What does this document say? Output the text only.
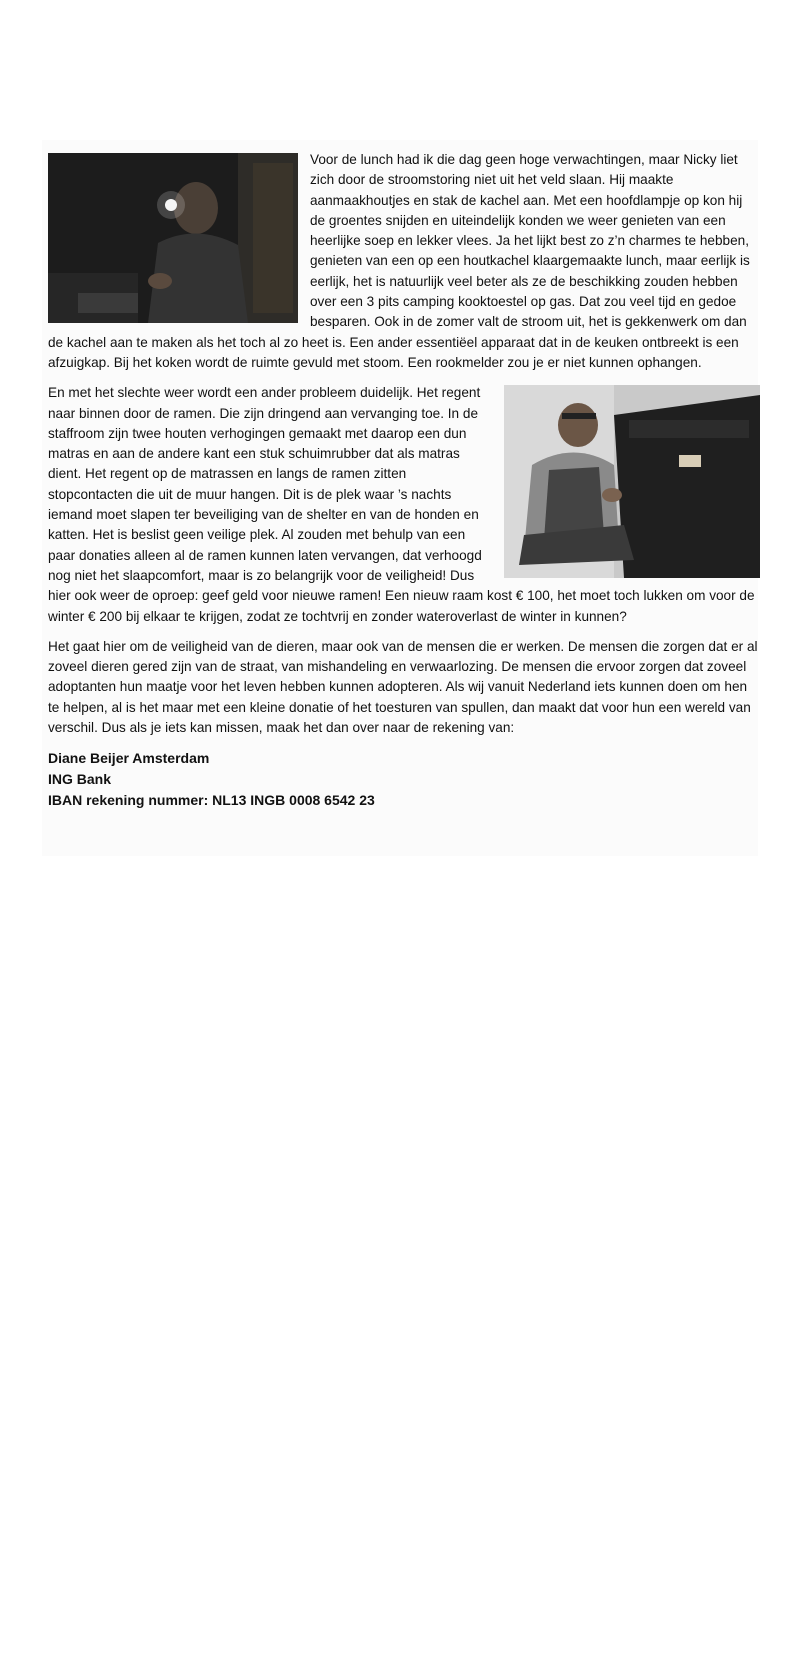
Voor de lunch had ik die dag geen hoge verwachtingen, maar Nicky liet zich door de stroomstoring niet uit het veld slaan. Hij maakte aanmaakhoutjes en stak de kachel aan. Met een hoofdlampje op kon hij de groentes snijden en uiteindelijk konden we weer genieten van een heerlijke soep en lekker vlees. Ja het lijkt best zo z’n charmes te hebben, genieten van een op een houtkachel klaargemaakte lunch, maar eerlijk is eerlijk, het is natuurlijk veel beter als ze de beschikking zouden hebben over een 3 pits camping kooktoestel op gas. Dat zou veel tijd en gedoe besparen. Ook in de zomer valt de stroom uit, het is gekkenwerk om dan de kachel aan te maken als het toch al zo heet is. Een ander essentiëel apparaat dat in de keuken ontbreekt is een afzuigkap. Bij het koken wordt de ruimte gevuld met stoom. Een rookmelder zou je er niet kunnen ophangen.

En met het slechte weer wordt een ander probleem duidelijk. Het regent naar binnen door de ramen. Die zijn dringend aan vervanging toe. In de staffroom zijn twee houten verhogingen gemaakt met daarop een dun matras en aan de andere kant een stuk schuimrubber dat als matras dient. Het regent op de matrassen en langs de ramen zitten stopcontacten die uit de muur hangen. Dit is de plek waar ’s nachts iemand moet slapen ter beveiliging van de shelter en van de honden en katten. Het is beslist geen veilige plek. Al zouden met behulp van een paar donaties alleen al de ramen kunnen laten vervangen, dat verhoogd nog niet het slaapcomfort, maar is zo belangrijk voor de veiligheid! Dus hier ook weer de oproep: geef geld voor nieuwe ramen! Een nieuw raam kost € 100, het moet toch lukken om voor de winter € 200 bij elkaar te krijgen, zodat ze tochtvrij en zonder wateroverlast de winter in kunnen?

Het gaat hier om de veiligheid van de dieren, maar ook van de mensen die er werken. De mensen die zorgen dat er al zoveel dieren gered zijn van de straat, van mishandeling en verwaarlozing. De mensen die ervoor zorgen dat zoveel adoptanten hun maatje voor het leven hebben kunnen adopteren. Als wij vanuit Nederland iets kunnen doen om hen te helpen, al is het maar met een kleine donatie of het toesturen van spullen, dan maakt dat voor hun een wereld van verschil. Dus als je iets kan missen, maak het dan over naar de rekening van:

Diane Beijer Amsterdam
ING Bank
IBAN rekening nummer: NL13 INGB 0008 6542 23
